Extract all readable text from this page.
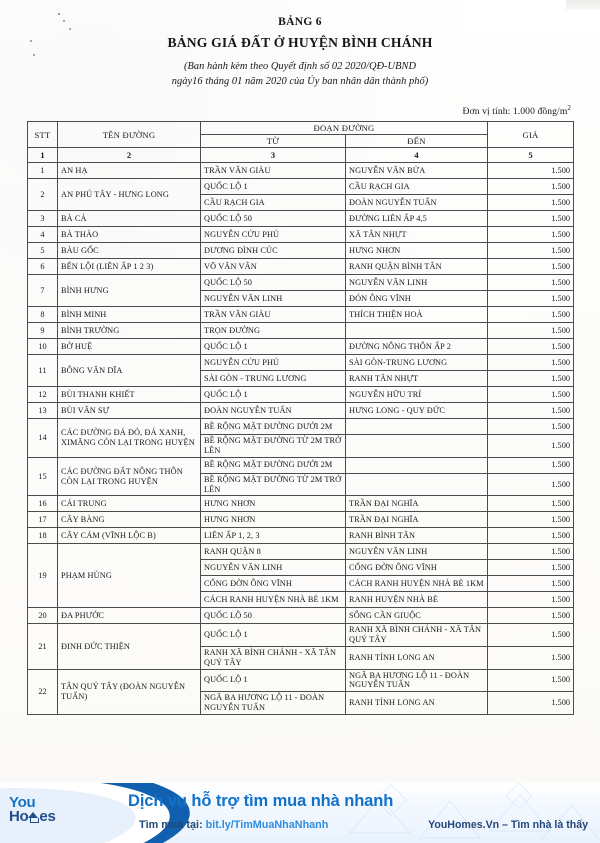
BẢNG 6

BẢNG GIÁ ĐẤT Ở HUYỆN BÌNH CHÁNH

(Ban hành kèm theo Quyết định số 02 2020/QĐ-UBND
ngày16 tháng 01 năm 2020 của Ủy ban nhân dân thành phố)

Đơn vị tính: 1.000 đồng/$m^2$
STT	TÊN ĐƯỜNG	ĐOẠN ĐƯỜNG		GIÁ
		TỪ	ĐẾN	
1	2	3	4	5
1	AN HẠ	TRẦN VĂN GIÀU	NGUYỄN VĂN BỬA	1.500
2	AN PHÚ TÂY - HƯNG LONG	QUỐC LỘ 1	CẦU RẠCH GIA	1.500
		CẦU RẠCH GIA	ĐOÀN NGUYỄN TUẤN	1.500
3	BÀ CẢ	QUỐC LỘ 50	ĐƯỜNG LIÊN ẤP 4,5	1.500
4	BÀ THẢO	NGUYỄN CỬU PHÚ	XÃ TÂN NHỰT	1.500
5	BÀU GỐC	DƯƠNG ĐÌNH CÚC	HƯNG NHƠN	1.500
6	BẾN LỘI (LIÊN ẤP 1 2 3)	VÕ VĂN VÂN	RANH QUẬN BÌNH TÂN	1.500
7	BÌNH HƯNG	QUỐC LỘ 50	NGUYỄN VĂN LINH	1.500
		NGUYỄN VĂN LINH	ĐÓN ÔNG VĨNH	1.500
8	BÌNH MINH	TRẦN VĂN GIÀU	THÍCH THIỆN HOÀ	1.500
9	BÌNH TRƯỜNG	TRỌN ĐƯỜNG		1.500
10	BỜ HUỆ	QUỐC LỘ 1	ĐƯỜNG NÔNG THÔN ẤP 2	1.500
11	BÔNG VĂN DĨA	NGUYỄN CỬU PHÚ	SÀI GÒN-TRUNG LƯƠNG	1.500
		SÀI GÒN - TRUNG LƯƠNG	RANH TÂN NHỰT	1.500
12	BÙI THANH KHIẾT	QUỐC LỘ 1	NGUYỄN HỮU TRÍ	1.500
13	BÙI VĂN SỰ	ĐOÀN NGUYỄN TUẤN	HƯNG LONG - QUY ĐỨC	1.500
14	CÁC ĐƯỜNG ĐÁ ĐỎ, ĐÁ XANH, XIMĂNG CÒN LẠI TRONG HUYỆN	BỀ RỘNG MẶT ĐƯỜNG DƯỚI 2M		1.500
		BỀ RỘNG MẶT ĐƯỜNG TỪ 2M TRỞ LÊN		1.500
15	CÁC ĐƯỜNG ĐẤT NÔNG THÔN CÒN LẠI TRONG HUYỆN	BỀ RỘNG MẶT ĐƯỜNG DƯỚI 2M		1.500
		BỀ RỘNG MẶT ĐƯỜNG TỪ 2M TRỞ LÊN		1.500
16	CÁI TRUNG	HƯNG NHƠN	TRẦN ĐẠI NGHĨA	1.500
17	CÂY BÀNG	HƯNG NHƠN	TRẦN ĐẠI NGHĨA	1.500
18	CÂY CÁM (VĨNH LỘC B)	LIÊN ẤP 1, 2, 3	RANH BÌNH TÂN	1.500
19	PHẠM HÙNG	RANH QUẬN 8	NGUYỄN VĂN LINH	1.500
		NGUYỄN VĂN LINH	CỐNG ĐỜN ÔNG VĨNH	1.500
		CỐNG ĐỜN ÔNG VĨNH	CÁCH RANH HUYỆN NHÀ BÈ 1KM	1.500
		CÁCH RANH HUYỆN NHÀ BÈ 1KM	RANH HUYỆN NHÀ BÈ	1.500
20	ĐA PHƯỚC	QUỐC LỘ 50	SÔNG CẦN GIUỘC	1.500
21	ĐINH ĐỨC THIỆN	QUỐC LỘ 1	RANH XÃ BÌNH CHÁNH - XÃ TÂN QUÝ TÂY	1.500
		RANH XÃ BÌNH CHÁNH - XÃ TÂN QUÝ TÂY	RANH TỈNH LONG AN	1.500
22	TÂN QUÝ TÂY (ĐOÀN NGUYỄN TUẤN)	QUỐC LỘ 1	NGÃ BA HƯƠNG LỘ 11 - ĐOÀN NGUYỄN TUẤN	1.500
		NGÃ BA HƯƠNG LỘ 11 - ĐOÀN NGUYỄN TUẤN	RANH TỈNH LONG AN	1.500
You
Ho es
Dịch vụ hỗ trợ tìm mua nhà nhanh
Tìm mua tại: bit.ly/TimMuaNhaNhanh	YouHomes.Vn – Tìm nhà là thấy
